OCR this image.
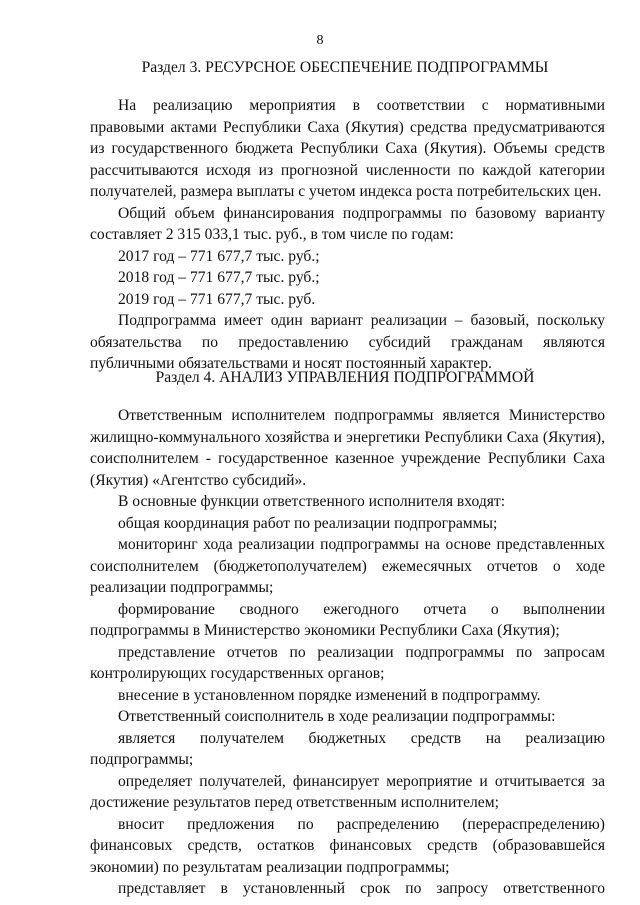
8
Раздел 3. РЕСУРСНОЕ ОБЕСПЕЧЕНИЕ ПОДПРОГРАММЫ

На реализацию мероприятия в соответствии с нормативными правовыми актами Республики Саха (Якутия) средства предусматриваются из государственного бюджета Республики Саха (Якутия). Объемы средств рассчитываются исходя из прогнозной численности по каждой категории получателей, размера выплаты с учетом индекса роста потребительских цен.

Общий объем финансирования подпрограммы по базовому варианту составляет 2 315 033,1 тыс. руб., в том числе по годам:

2017 год – 771 677,7 тыс. руб.;

2018 год – 771 677,7 тыс. руб.;

2019 год – 771 677,7 тыс. руб.

Подпрограмма имеет один вариант реализации – базовый, поскольку обязательства по предоставлению субсидий гражданам являются публичными обязательствами и носят постоянный характер.

Раздел 4. АНАЛИЗ УПРАВЛЕНИЯ ПОДПРОГРАММОЙ

Ответственным исполнителем подпрограммы является Министерство жилищно-коммунального хозяйства и энергетики Республики Саха (Якутия), соисполнителем - государственное казенное учреждение Республики Саха (Якутия) «Агентство субсидий».

В основные функции ответственного исполнителя входят:

общая координация работ по реализации подпрограммы;

мониторинг хода реализации подпрограммы на основе представленных соисполнителем (бюджетополучателем) ежемесячных отчетов о ходе реализации подпрограммы;

формирование сводного ежегодного отчета о выполнении подпрограммы в Министерство экономики Республики Саха (Якутия);

представление отчетов по реализации подпрограммы по запросам контролирующих государственных органов;

внесение в установленном порядке изменений в подпрограмму.

Ответственный соисполнитель в ходе реализации подпрограммы:

является получателем бюджетных средств на реализацию подпрограммы;

определяет получателей, финансирует мероприятие и отчитывается за достижение результатов перед ответственным исполнителем;

вносит предложения по распределению (перераспределению) финансовых средств, остатков финансовых средств (образовавшейся экономии) по результатам реализации подпрограммы;

представляет в установленный срок по запросу ответственного
